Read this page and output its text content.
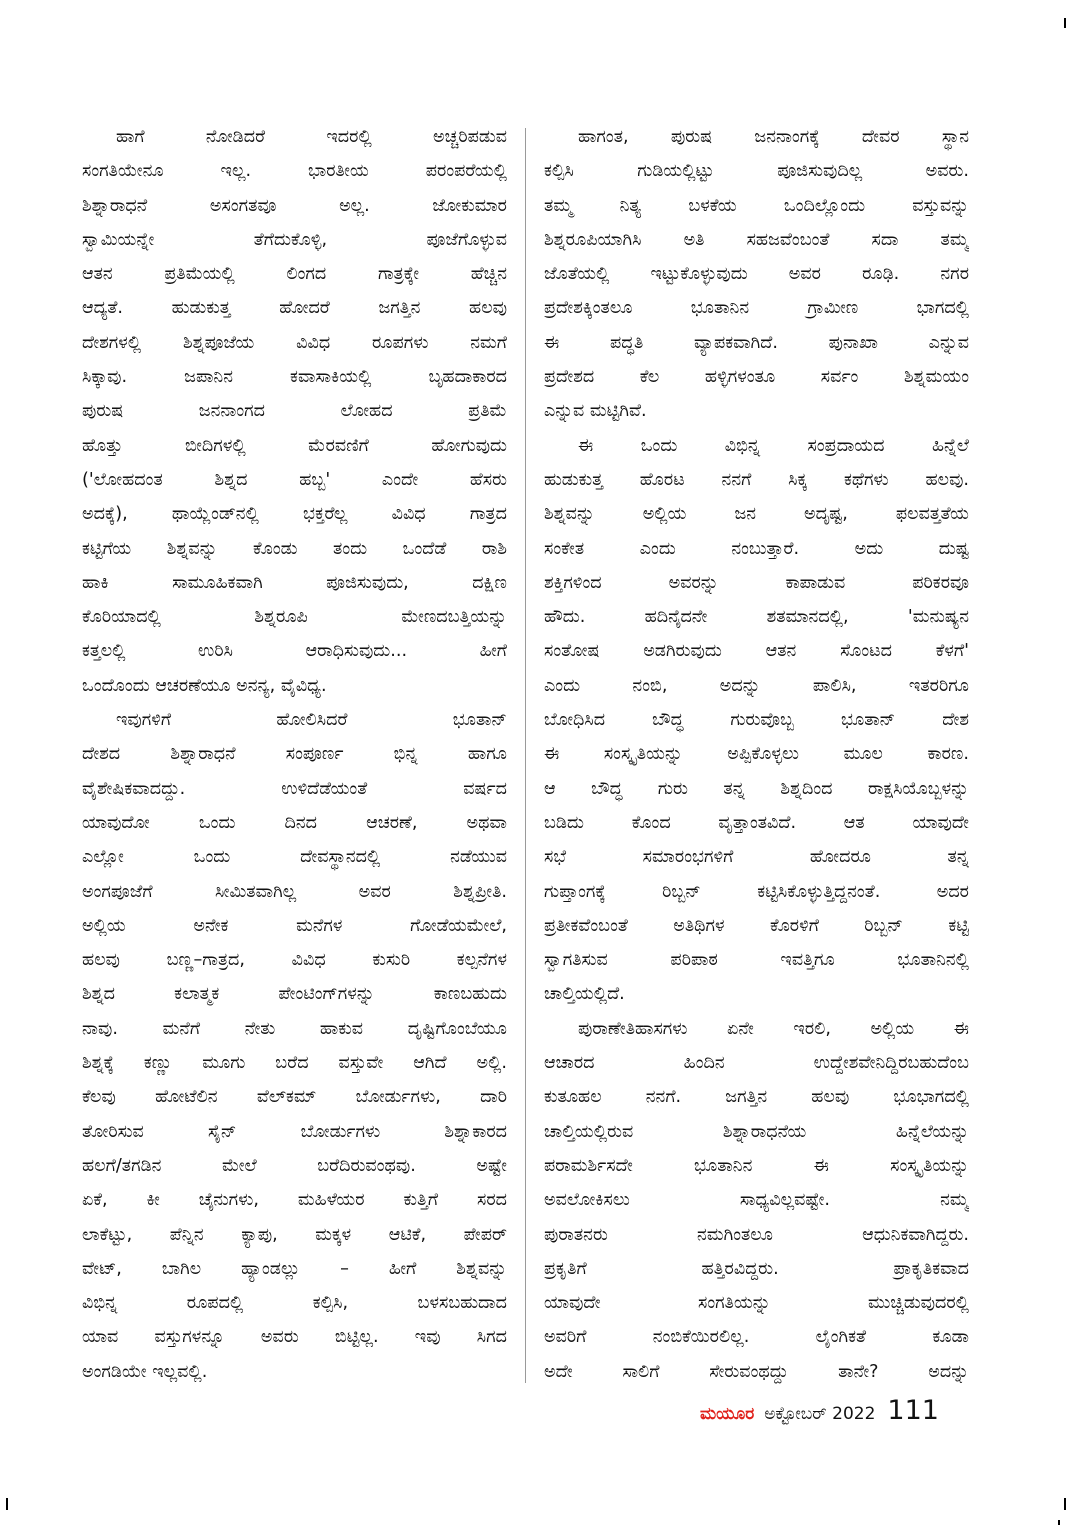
ಹಾಗೆ ನೋಡಿದರೆ ಇದರಲ್ಲಿ ಅಚ್ಚರಿಪಡುವ
ಸಂಗತಿಯೇನೂ ಇಲ್ಲ. ಭಾರತೀಯ ಪರಂಪರೆಯಲ್ಲಿ
ಶಿಶ್ನಾರಾಧನೆ ಅಸಂಗತವೂ ಅಲ್ಲ. ಜೋಕುಮಾರ
ಸ್ವಾಮಿಯನ್ನೇ ತೆಗೆದುಕೊಳ್ಳಿ, ಪೂಜೆಗೊಳ್ಳುವ
ಆತನ ಪ್ರತಿಮೆಯಲ್ಲಿ ಲಿಂಗದ ಗಾತ್ರಕ್ಕೇ ಹೆಚ್ಚಿನ
ಆದ್ಯತೆ. ಹುಡುಕುತ್ತ ಹೋದರೆ ಜಗತ್ತಿನ ಹಲವು
ದೇಶಗಳಲ್ಲಿ ಶಿಶ್ನಪೂಜೆಯ ವಿವಿಧ ರೂಪಗಳು ನಮಗೆ
ಸಿಕ್ಕಾವು. ಜಪಾನಿನ ಕವಾಸಾಕಿಯಲ್ಲಿ ಬೃಹದಾಕಾರದ
ಪುರುಷ ಜನನಾಂಗದ ಲೋಹದ ಪ್ರತಿಮೆ
ಹೊತ್ತು ಬೀದಿಗಳಲ್ಲಿ ಮೆರವಣಿಗೆ ಹೋಗುವುದು
('ಲೋಹದಂತ ಶಿಶ್ನದ ಹಬ್ಬ' ಎಂದೇ ಹೆಸರು
ಅದಕ್ಕೆ), ಥಾಯ್ಲೆಂಡ್‌ನಲ್ಲಿ ಭಕ್ತರೆಲ್ಲ ವಿವಿಧ ಗಾತ್ರದ
ಕಟ್ಟಿಗೆಯ ಶಿಶ್ನವನ್ನು ಕೊಂಡು ತಂದು ಒಂದೆಡೆ ರಾಶಿ
ಹಾಕಿ ಸಾಮೂಹಿಕವಾಗಿ ಪೂಜಿಸುವುದು, ದಕ್ಷಿಣ
ಕೊರಿಯಾದಲ್ಲಿ ಶಿಶ್ನರೂಪಿ ಮೇಣದಬತ್ತಿಯನ್ನು
ಕತ್ತಲಲ್ಲಿ ಉರಿಸಿ ಆರಾಧಿಸುವುದು... ಹೀಗೆ
ಒಂದೊಂದು ಆಚರಣೆಯೂ ಅನನ್ಯ, ವೈವಿಧ್ಯ.
ಇವುಗಳಿಗೆ ಹೋಲಿಸಿದರೆ ಭೂತಾನ್
ದೇಶದ ಶಿಶ್ನಾರಾಧನೆ ಸಂಪೂರ್ಣ ಭಿನ್ನ ಹಾಗೂ
ವೈಶೇಷಿಕವಾದದ್ದು. ಉಳಿದೆಡೆಯಂತೆ ವರ್ಷದ
ಯಾವುದೋ ಒಂದು ದಿನದ ಆಚರಣೆ, ಅಥವಾ
ಎಲ್ಲೋ ಒಂದು ದೇವಸ್ಥಾನದಲ್ಲಿ ನಡೆಯುವ
ಅಂಗಪೂಜೆಗೆ ಸೀಮಿತವಾಗಿಲ್ಲ ಅವರ ಶಿಶ್ನಪ್ರೀತಿ.
ಅಲ್ಲಿಯ ಅನೇಕ ಮನೆಗಳ ಗೋಡೆಯಮೇಲೆ,
ಹಲವು ಬಣ್ಣ–ಗಾತ್ರದ, ವಿವಿಧ ಕುಸುರಿ ಕಲ್ಪನೆಗಳ
ಶಿಶ್ನದ ಕಲಾತ್ಮಕ ಪೇಂಟಿಂಗ್‌ಗಳನ್ನು ಕಾಣಬಹುದು
ನಾವು. ಮನೆಗೆ ನೇತು ಹಾಕುವ ದೃಷ್ಟಿಗೊಂಬೆಯೂ
ಶಿಶ್ನಕ್ಕೆ ಕಣ್ಣು ಮೂಗು ಬರೆದ ವಸ್ತುವೇ ಆಗಿದೆ ಅಲ್ಲಿ.
ಕೆಲವು ಹೋಟೆಲಿನ ವೆಲ್‌ಕಮ್ ಬೋರ್ಡುಗಳು, ದಾರಿ
ತೋರಿಸುವ ಸೈನ್ ಬೋರ್ಡುಗಳು ಶಿಶ್ನಾಕಾರದ
ಹಲಗೆ/ತಗಡಿನ ಮೇಲೆ ಬರೆದಿರುವಂಥವು. ಅಷ್ಟೇ
ಏಕೆ, ಕೀ ಚೈನುಗಳು, ಮಹಿಳೆಯರ ಕುತ್ತಿಗೆ ಸರದ
ಲಾಕೆಟ್ಟು, ಪೆನ್ನಿನ ಕ್ಯಾಪು, ಮಕ್ಕಳ ಆಟಿಕೆ, ಪೇಪರ್
ವೇಟ್, ಬಾಗಿಲ ಹ್ಯಾಂಡಲ್ಲು – ಹೀಗೆ ಶಿಶ್ನವನ್ನು
ವಿಭಿನ್ನ ರೂಪದಲ್ಲಿ ಕಲ್ಪಿಸಿ, ಬಳಸಬಹುದಾದ
ಯಾವ ವಸ್ತುಗಳನ್ನೂ ಅವರು ಬಿಟ್ಟಿಲ್ಲ. ಇವು ಸಿಗದ
ಅಂಗಡಿಯೇ ಇಲ್ಲವಲ್ಲಿ.
ಹಾಗಂತ, ಪುರುಷ ಜನನಾಂಗಕ್ಕೆ ದೇವರ ಸ್ಥಾನ
ಕಲ್ಪಿಸಿ ಗುಡಿಯಲ್ಲಿಟ್ಟು ಪೂಜಿಸುವುದಿಲ್ಲ ಅವರು.
ತಮ್ಮ ನಿತ್ಯ ಬಳಕೆಯ ಒಂದಿಲ್ಲೊಂದು ವಸ್ತುವನ್ನು
ಶಿಶ್ನರೂಪಿಯಾಗಿಸಿ ಅತಿ ಸಹಜವೆಂಬಂತೆ ಸದಾ ತಮ್ಮ
ಜೊತೆಯಲ್ಲಿ ಇಟ್ಟುಕೊಳ್ಳುವುದು ಅವರ ರೂಢಿ. ನಗರ
ಪ್ರದೇಶಕ್ಕಿಂತಲೂ ಭೂತಾನಿನ ಗ್ರಾಮೀಣ ಭಾಗದಲ್ಲಿ
ಈ ಪದ್ಧತಿ ವ್ಯಾಪಕವಾಗಿದೆ. ಪುನಾಖಾ ಎನ್ನುವ
ಪ್ರದೇಶದ ಕೆಲ ಹಳ್ಳಿಗಳಂತೂ ಸರ್ವಂ ಶಿಶ್ನಮಯಂ
ಎನ್ನುವ ಮಟ್ಟಿಗಿವೆ.
ಈ ಒಂದು ವಿಭಿನ್ನ ಸಂಪ್ರದಾಯದ ಹಿನ್ನೆಲೆ
ಹುಡುಕುತ್ತ ಹೊರಟ ನನಗೆ ಸಿಕ್ಕ ಕಥೆಗಳು ಹಲವು.
ಶಿಶ್ನವನ್ನು ಅಲ್ಲಿಯ ಜನ ಅದೃಷ್ಟ, ಫಲವತ್ತತೆಯ
ಸಂಕೇತ ಎಂದು ನಂಬುತ್ತಾರೆ. ಅದು ದುಷ್ಟ
ಶಕ್ತಿಗಳಿಂದ ಅವರನ್ನು ಕಾಪಾಡುವ ಪರಿಕರವೂ
ಹೌದು. ಹದಿನೈದನೇ ಶತಮಾನದಲ್ಲಿ, 'ಮನುಷ್ಯನ
ಸಂತೋಷ ಅಡಗಿರುವುದು ಆತನ ಸೊಂಟದ ಕೆಳಗೆ'
ಎಂದು ನಂಬಿ, ಅದನ್ನು ಪಾಲಿಸಿ, ಇತರರಿಗೂ
ಬೋಧಿಸಿದ ಬೌದ್ಧ ಗುರುವೊಬ್ಬ ಭೂತಾನ್ ದೇಶ
ಈ ಸಂಸ್ಕೃತಿಯನ್ನು ಅಪ್ಪಿಕೊಳ್ಳಲು ಮೂಲ ಕಾರಣ.
ಆ ಬೌದ್ಧ ಗುರು ತನ್ನ ಶಿಶ್ನದಿಂದ ರಾಕ್ಷಸಿಯೊಬ್ಬಳನ್ನು
ಬಡಿದು ಕೊಂದ ವೃತ್ತಾಂತವಿದೆ. ಆತ ಯಾವುದೇ
ಸಭೆ ಸಮಾರಂಭಗಳಿಗೆ ಹೋದರೂ ತನ್ನ
ಗುಪ್ತಾಂಗಕ್ಕೆ ರಿಬ್ಬನ್ ಕಟ್ಟಿಸಿಕೊಳ್ಳುತ್ತಿದ್ದನಂತೆ. ಅದರ
ಪ್ರತೀಕವೆಂಬಂತೆ ಅತಿಥಿಗಳ ಕೊರಳಿಗೆ ರಿಬ್ಬನ್ ಕಟ್ಟಿ
ಸ್ವಾಗತಿಸುವ ಪರಿಪಾಠ ಇವತ್ತಿಗೂ ಭೂತಾನಿನಲ್ಲಿ
ಚಾಲ್ತಿಯಲ್ಲಿದೆ.
ಪುರಾಣೇತಿಹಾಸಗಳು ಏನೇ ಇರಲಿ, ಅಲ್ಲಿಯ ಈ
ಆಚಾರದ ಹಿಂದಿನ ಉದ್ದೇಶವೇನಿದ್ದಿರಬಹುದೆಂಬ
ಕುತೂಹಲ ನನಗೆ. ಜಗತ್ತಿನ ಹಲವು ಭೂಭಾಗದಲ್ಲಿ
ಚಾಲ್ತಿಯಲ್ಲಿರುವ ಶಿಶ್ನಾರಾಧನೆಯ ಹಿನ್ನೆಲೆಯನ್ನು
ಪರಾಮರ್ಶಿಸದೇ ಭೂತಾನಿನ ಈ ಸಂಸ್ಕೃತಿಯನ್ನು
ಅವಲೋಕಿಸಲು ಸಾಧ್ಯವಿಲ್ಲವಷ್ಟೇ. ನಮ್ಮ
ಪುರಾತನರು ನಮಗಿಂತಲೂ ಆಧುನಿಕವಾಗಿದ್ದರು.
ಪ್ರಕೃತಿಗೆ ಹತ್ತಿರವಿದ್ದರು. ಪ್ರಾಕೃತಿಕವಾದ
ಯಾವುದೇ ಸಂಗತಿಯನ್ನು ಮುಚ್ಚಿಡುವುದರಲ್ಲಿ
ಅವರಿಗೆ ನಂಬಿಕೆಯಿರಲಿಲ್ಲ. ಲೈಂಗಿಕತೆ ಕೂಡಾ
ಅದೇ ಸಾಲಿಗೆ ಸೇರುವಂಥದ್ದು ತಾನೇ? ಅದನ್ನು
ಮಯೂರ ಅಕ್ಟೋಬರ್ 2022 111
